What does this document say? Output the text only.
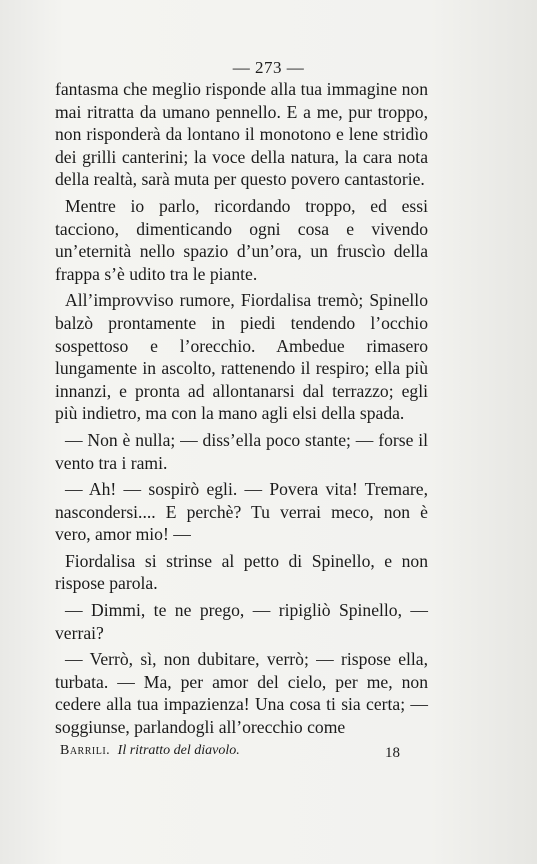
— 273 —

fantasma che meglio risponde alla tua immagine non mai ritratta da umano pennello. E a me, pur troppo, non risponderà da lontano il monotono e lene stridìo dei grilli canterini; la voce della natura, la cara nota della realtà, sarà muta per questo povero cantastorie.

Mentre io parlo, ricordando troppo, ed essi tacciono, dimenticando ogni cosa e vivendo un’eternità nello spazio d’un’ora, un fruscìo della frappa s’è udito tra le piante.

All’improvviso rumore, Fiordalisa tremò; Spinello balzò prontamente in piedi tendendo l’occhio sospettoso e l’orecchio. Ambedue rimasero lungamente in ascolto, rattenendo il respiro; ella più innanzi, e pronta ad allontanarsi dal terrazzo; egli più indietro, ma con la mano agli elsi della spada.

— Non è nulla; — diss’ella poco stante; — forse il vento tra i rami.

— Ah! — sospirò egli. — Povera vita! Tremare, nascondersi.... E perchè? Tu verrai meco, non è vero, amor mio! —

Fiordalisa si strinse al petto di Spinello, e non rispose parola.

— Dimmi, te ne prego, — ripigliò Spinello, — verrai?

— Verrò, sì, non dubitare, verrò; — rispose ella, turbata. — Ma, per amor del cielo, per me, non cedere alla tua impazienza! Una cosa ti sia certa; — soggiunse, parlandogli all’orecchio come

Barrili. Il ritratto del diavolo.	18
